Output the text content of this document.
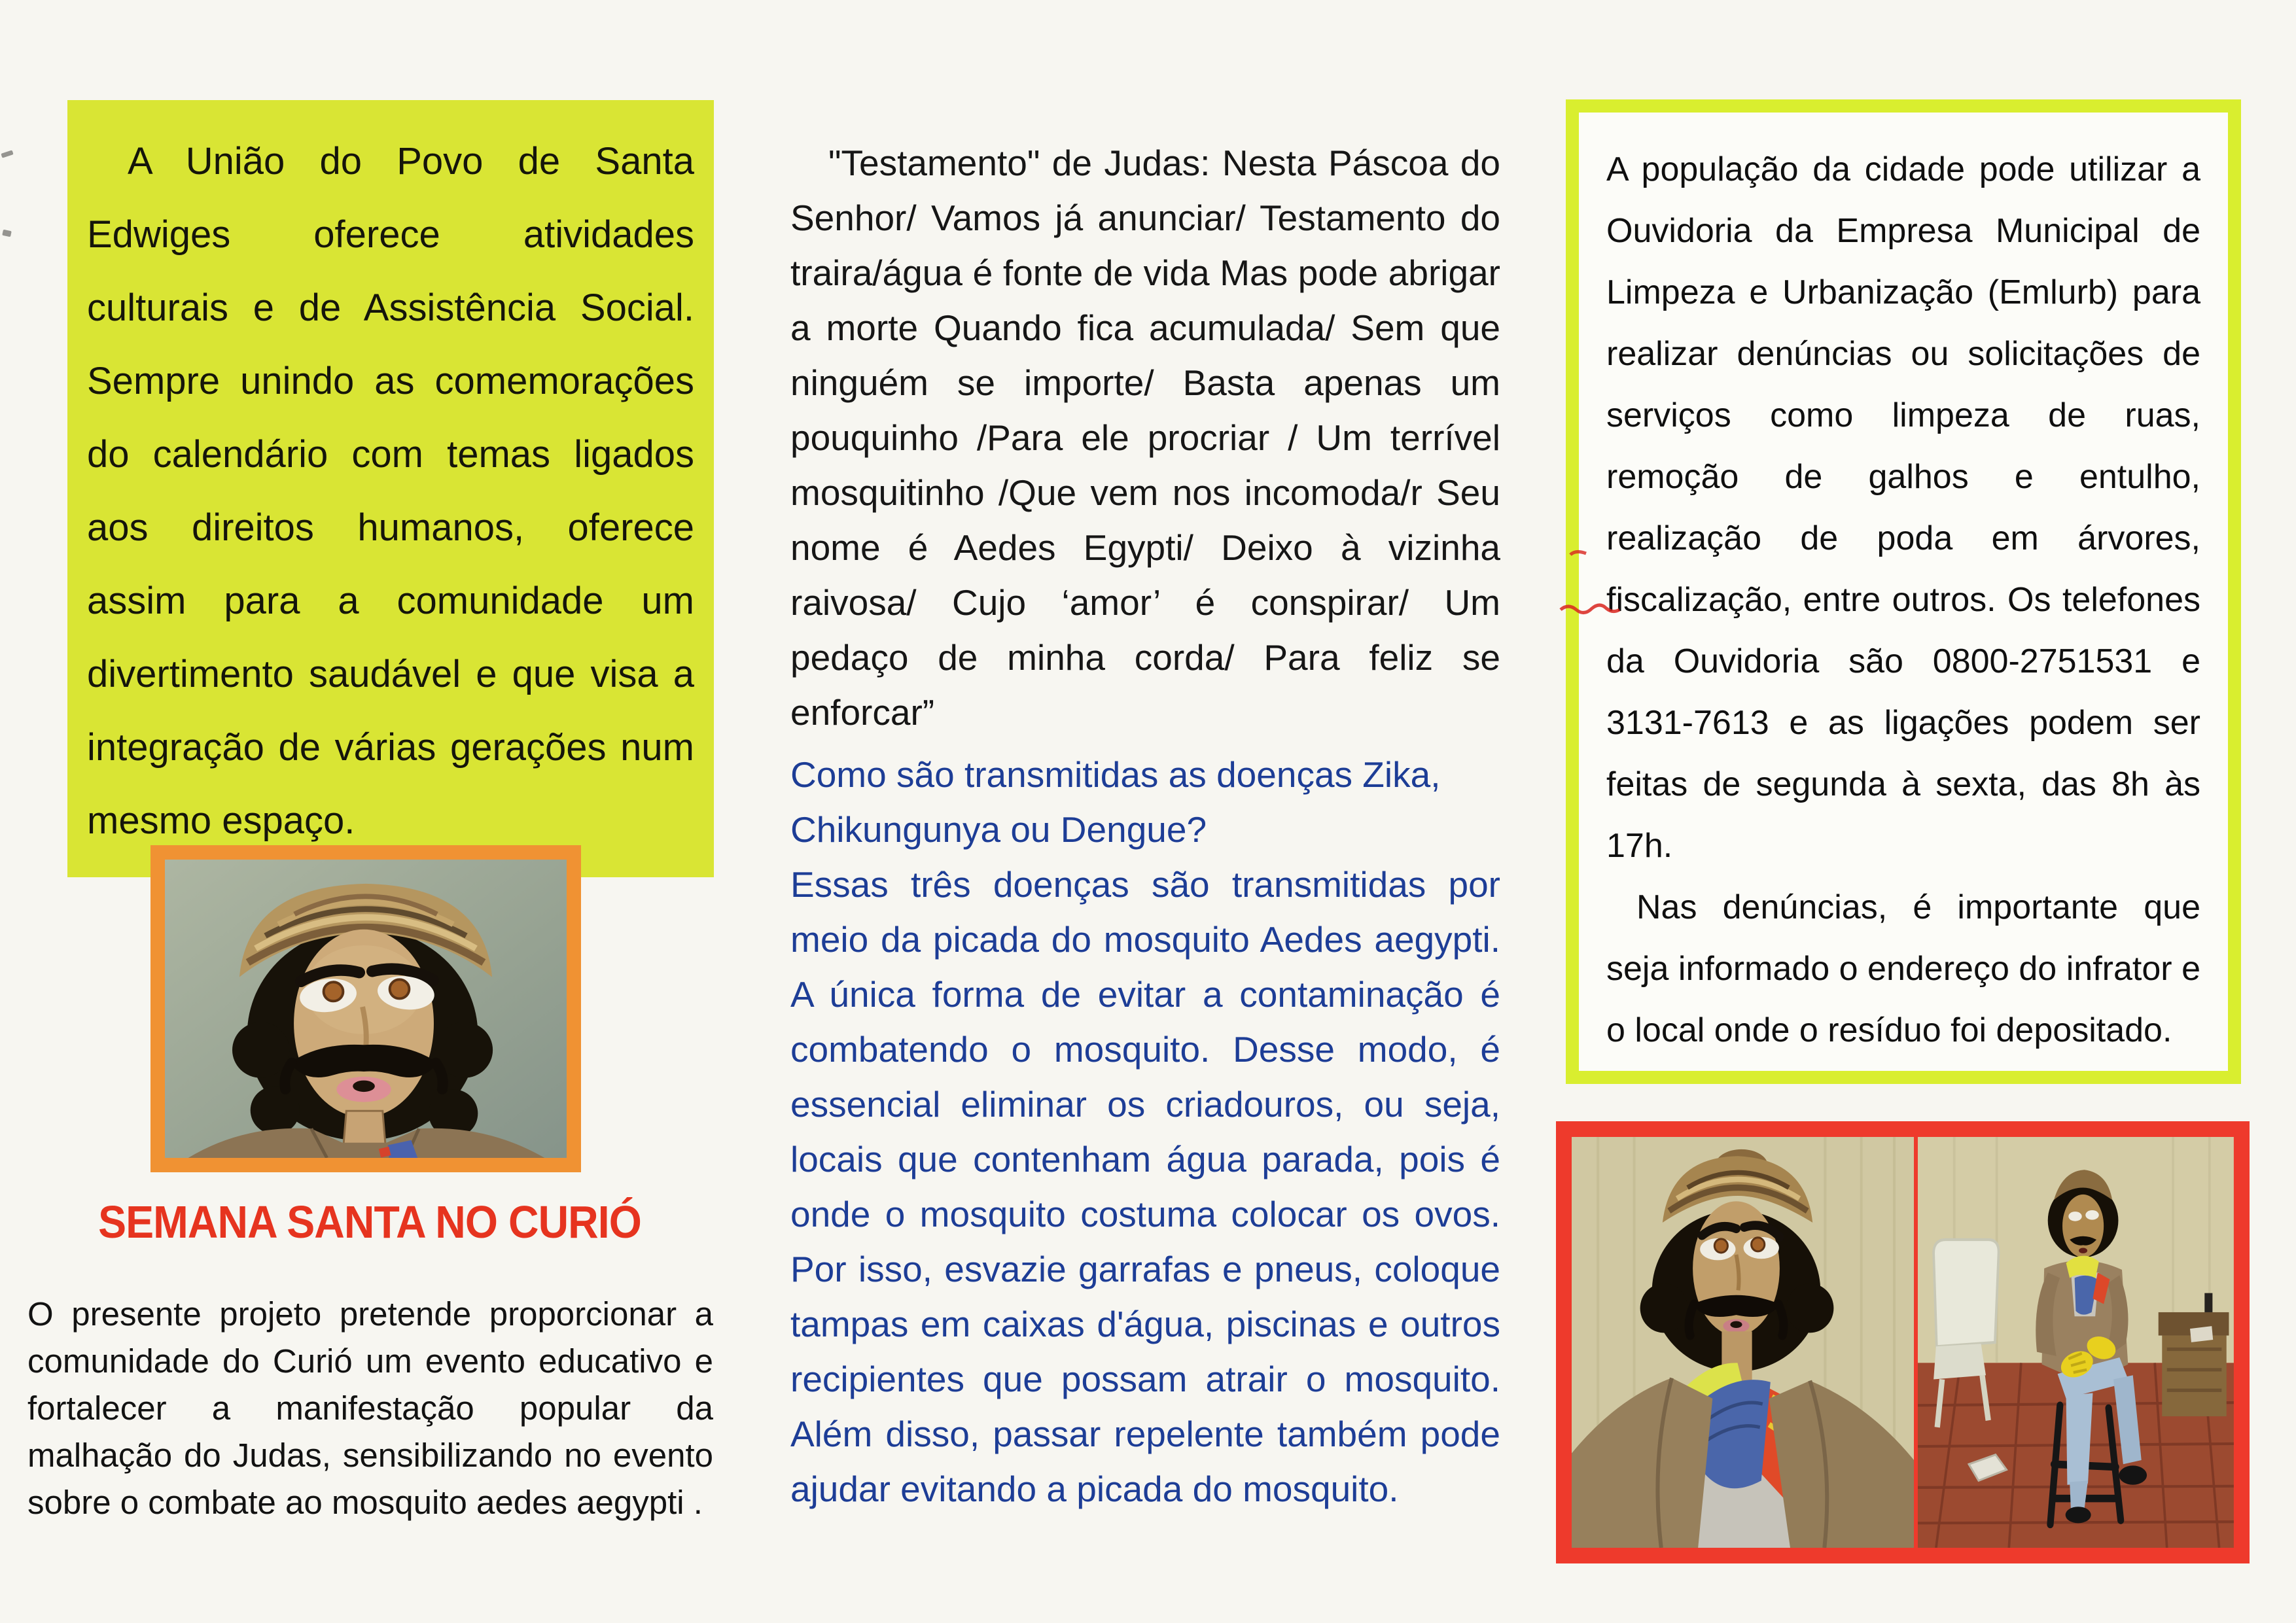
A União do Povo de Santa Edwiges oferece atividades culturais e de Assistência Social. Sempre unindo as comemorações do calendário com temas ligados aos direitos humanos, oferece assim para a comunidade um divertimento saudável e que visa a integração de várias gerações num mesmo espaço.

SEMANA SANTA NO CURIÓ

O presente projeto pretende proporcionar a comunidade do Curió um evento educativo e fortalecer a manifestação popular da malhação do Judas, sensibilizando no evento sobre o combate ao mosquito aedes aegypti .

"Testamento" de Judas: Nesta Páscoa do Senhor/ Vamos já anunciar/ Testamento do traira/água é fonte de vida Mas pode abrigar a morte Quando fica acumulada/ Sem que ninguém se importe/ Basta apenas um pouquinho /Para ele procriar / Um terrível mosquitinho /Que vem nos incomoda/r Seu nome é Aedes Egypti/ Deixo à vizinha raivosa/ Cujo ‘amor’ é conspirar/ Um pedaço de minha corda/ Para feliz se enforcar”

Como são transmitidas as doenças Zika, Chikungunya ou Dengue?

Essas três doenças são transmitidas por meio da picada do mosquito Aedes aegypti. A única forma de evitar a contaminação é combatendo o mosquito. Desse modo, é essencial eliminar os criadouros, ou seja, locais que contenham água parada, pois é onde o mosquito costuma colocar os ovos. Por isso, esvazie garrafas e pneus, coloque tampas em caixas d'água, piscinas e outros recipientes que possam atrair o mosquito. Além disso, passar repelente também pode ajudar evitando a picada do mosquito.

A população da cidade pode utilizar a Ouvidoria da Empresa Municipal de Limpeza e Urbanização (Emlurb) para realizar denúncias ou solicitações de serviços como limpeza de ruas, remoção de galhos e entulho, realização de poda em árvores, fiscalização, entre outros. Os telefones da Ouvidoria são 0800-2751531 e 3131-7613 e as ligações podem ser feitas de segunda à sexta, das 8h às 17h.

Nas denúncias, é importante que seja informado o endereço do infrator e o local onde o resíduo foi depositado.
